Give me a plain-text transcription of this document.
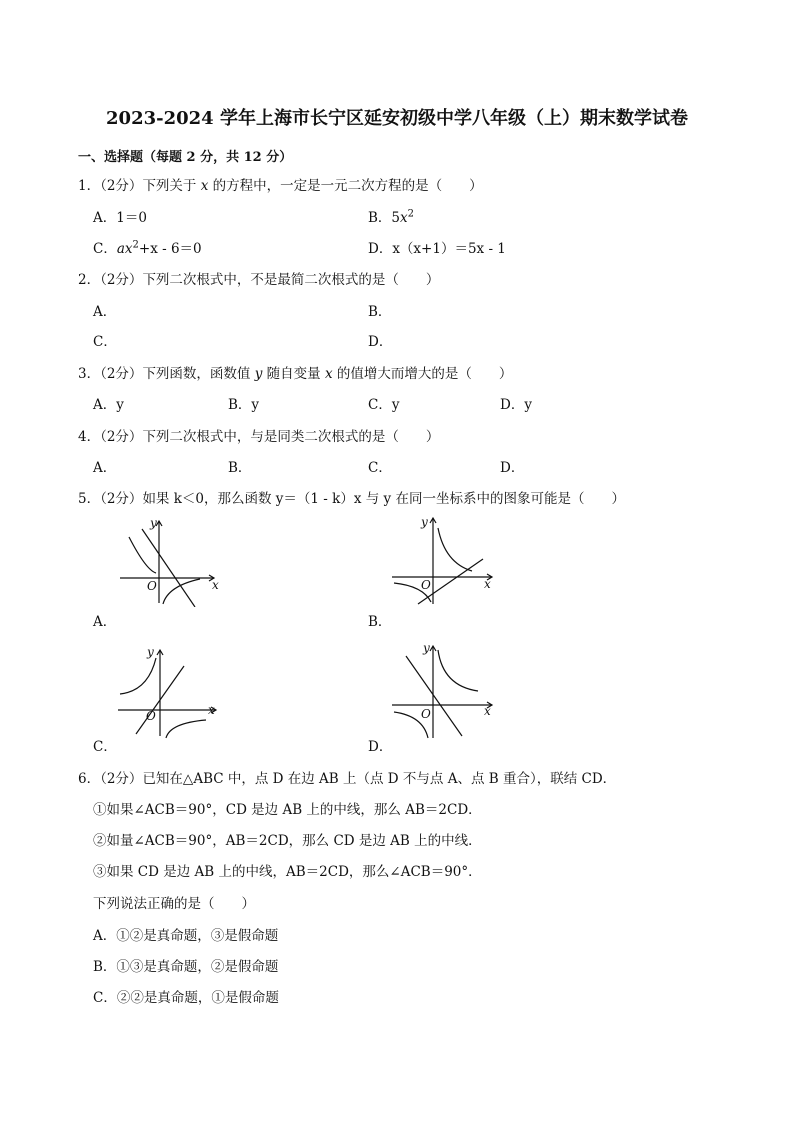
2023-2024 学年上海市长宁区延安初级中学八年级（上）期末数学试卷
一、选择题（每题 2 分，共 12 分）
1．（2分）下列关于 x 的方程中，一定是一元二次方程的是（　　）
A．1＝0	B．$5x^2$
C．$ax^2+x - 6=0$	D．x（x+1）＝5x - 1
2．（2分）下列二次根式中，不是最简二次根式的是（　　）
A．	B．
C．	D．
3．（2分）下列函数，函数值 y 随自变量 x 的值增大而增大的是（　　）
A．y	B．y	C．y	D．y
4．（2分）下列二次根式中，与是同类二次根式的是（　　）
A．	B．	C．	D．
5．（2分）如果 k＜0，那么函数 y＝（1 - k）x 与 y 在同一坐标系中的图象可能是（　　）
y
x
O
A．
y
x
O
B．
y
x
O
C．
y
x
O
D．
6．（2分）已知在△ABC 中，点 D 在边 AB 上（点 D 不与点 A、点 B 重合），联结 CD．
①如果∠ACB＝90°，CD 是边 AB 上的中线，那么 AB＝2CD．
②如量∠ACB＝90°，AB＝2CD，那么 CD 是边 AB 上的中线．
③如果 CD 是边 AB 上的中线，AB＝2CD，那么∠ACB＝90°．
下列说法正确的是（　　）
A．①②是真命题，③是假命题
B．①③是真命题，②是假命题
C．②②是真命题，①是假命题
